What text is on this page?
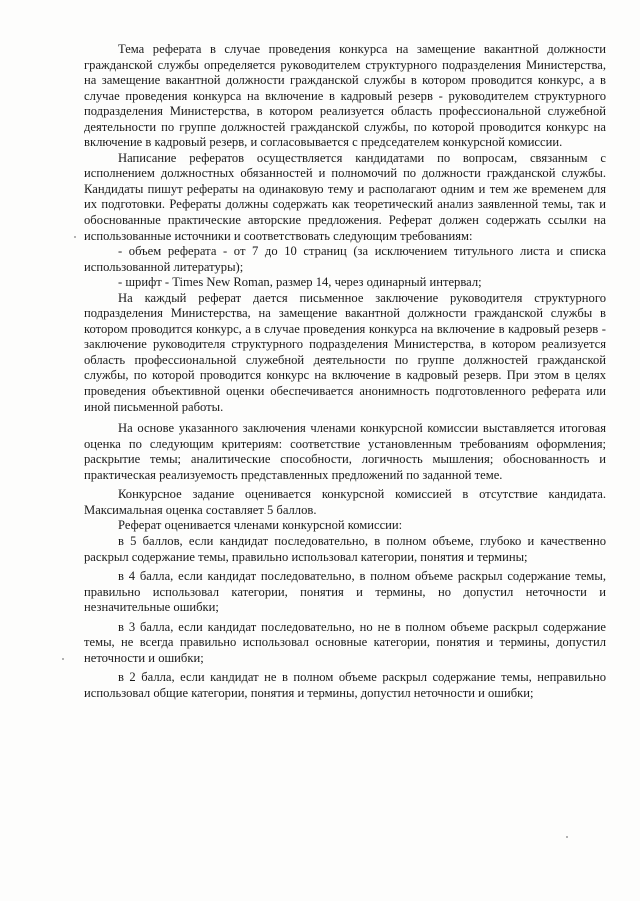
Тема реферата в случае проведения конкурса на замещение вакантной должности гражданской службы определяется руководителем структурного подразделения Министерства, на замещение вакантной должности гражданской службы в котором проводится конкурс, а в случае проведения конкурса на включение в кадровый резерв - руководителем структурного подразделения Министерства, в котором реализуется область профессиональной служебной деятельности по группе должностей гражданской службы, по которой проводится конкурс на включение в кадровый резерв, и согласовывается с председателем конкурсной комиссии.

Написание рефератов осуществляется кандидатами по вопросам, связанным с исполнением должностных обязанностей и полномочий по должности гражданской службы. Кандидаты пишут рефераты на одинаковую тему и располагают одним и тем же временем для их подготовки. Рефераты должны содержать как теоретический анализ заявленной темы, так и обоснованные практические авторские предложения. Реферат должен содержать ссылки на использованные источники и соответствовать следующим требованиям:

- объем реферата - от 7 до 10 страниц (за исключением титульного листа и списка использованной литературы);

- шрифт - Times New Roman, размер 14, через одинарный интервал;

На каждый реферат дается письменное заключение руководителя структурного подразделения Министерства, на замещение вакантной должности гражданской службы в котором проводится конкурс, а в случае проведения конкурса на включение в кадровый резерв - заключение руководителя структурного подразделения Министерства, в котором реализуется область профессиональной служебной деятельности по группе должностей гражданской службы, по которой проводится конкурс на включение в кадровый резерв. При этом в целях проведения объективной оценки обеспечивается анонимность подготовленного реферата или иной письменной работы.

На основе указанного заключения членами конкурсной комиссии выставляется итоговая оценка по следующим критериям: соответствие установленным требованиям оформления; раскрытие темы; аналитические способности, логичность мышления; обоснованность и практическая реализуемость представленных предложений по заданной теме.

Конкурсное задание оценивается конкурсной комиссией в отсутствие кандидата. Максимальная оценка составляет 5 баллов.

Реферат оценивается членами конкурсной комиссии:

в 5 баллов, если кандидат последовательно, в полном объеме, глубоко и качественно раскрыл содержание темы, правильно использовал категории, понятия и термины;

в 4 балла, если кандидат последовательно, в полном объеме раскрыл содержание темы, правильно использовал категории, понятия и термины, но допустил неточности и незначительные ошибки;

в 3 балла, если кандидат последовательно, но не в полном объеме раскрыл содержание темы, не всегда правильно использовал основные категории, понятия и термины, допустил неточности и ошибки;

в 2 балла, если кандидат не в полном объеме раскрыл содержание темы, неправильно использовал общие категории, понятия и термины, допустил неточности и ошибки;
